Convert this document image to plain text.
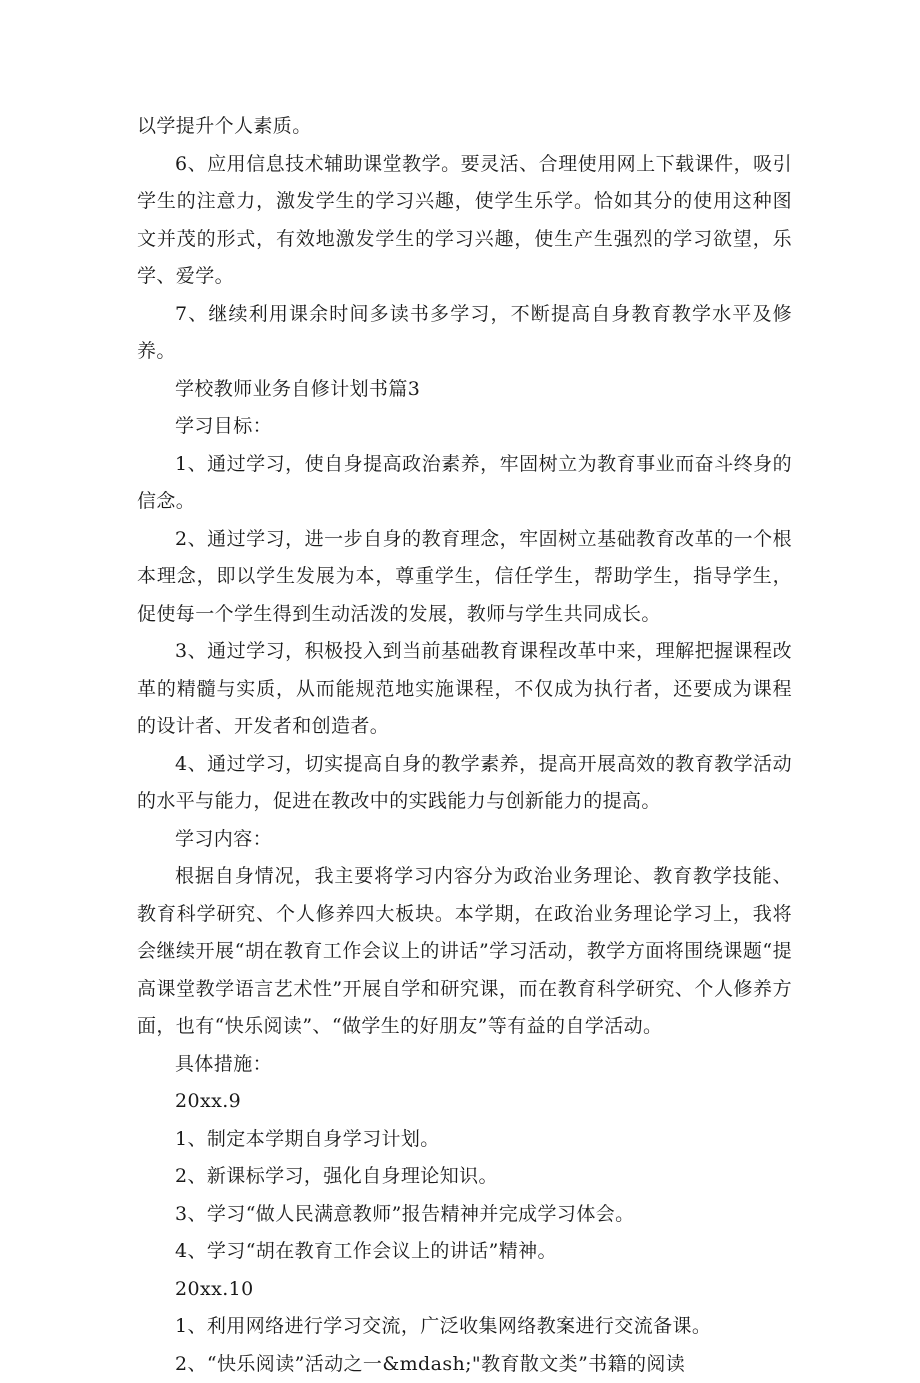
以学提升个人素质。

6、应用信息技术辅助课堂教学。要灵活、合理使用网上下载课件，吸引学生的注意力，激发学生的学习兴趣，使学生乐学。恰如其分的使用这种图文并茂的形式，有效地激发学生的学习兴趣，使生产生强烈的学习欲望，乐学、爱学。

7、继续利用课余时间多读书多学习，不断提高自身教育教学水平及修养。

学校教师业务自修计划书篇3

学习目标：

1、通过学习，使自身提高政治素养，牢固树立为教育事业而奋斗终身的信念。

2、通过学习，进一步自身的教育理念，牢固树立基础教育改革的一个根本理念，即以学生发展为本，尊重学生，信任学生，帮助学生，指导学生，促使每一个学生得到生动活泼的发展，教师与学生共同成长。

3、通过学习，积极投入到当前基础教育课程改革中来，理解把握课程改革的精髓与实质，从而能规范地实施课程，不仅成为执行者，还要成为课程的设计者、开发者和创造者。

4、通过学习，切实提高自身的教学素养，提高开展高效的教育教学活动的水平与能力，促进在教改中的实践能力与创新能力的提高。

学习内容：

根据自身情况，我主要将学习内容分为政治业务理论、教育教学技能、教育科学研究、个人修养四大板块。本学期，在政治业务理论学习上，我将会继续开展“胡在教育工作会议上的讲话”学习活动，教学方面将围绕课题“提高课堂教学语言艺术性”开展自学和研究课，而在教育科学研究、个人修养方面，也有“快乐阅读”、“做学生的好朋友”等有益的自学活动。

具体措施：

20xx.9

1、制定本学期自身学习计划。

2、新课标学习，强化自身理论知识。

3、学习“做人民满意教师”报告精神并完成学习体会。

4、学习“胡在教育工作会议上的讲话”精神。

20xx.10

1、利用网络进行学习交流，广泛收集网络教案进行交流备课。

2、“快乐阅读”活动之一&mdash;"教育散文类”书籍的阅读
